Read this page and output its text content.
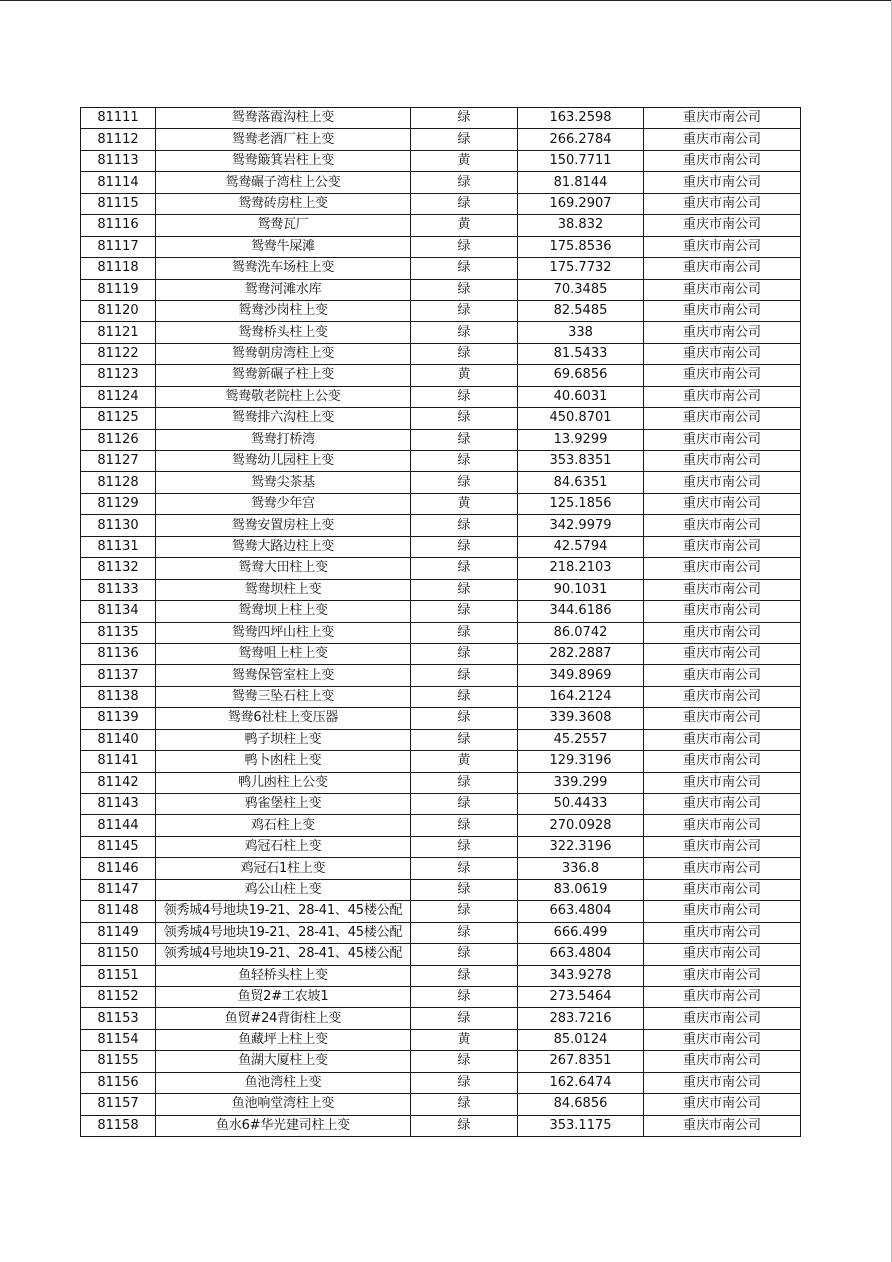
81111	鸳鸯落霞沟柱上变	绿	163.2598	重庆市南公司
81112	鸳鸯老酒厂柱上变	绿	266.2784	重庆市南公司
81113	鸳鸯簸箕岩柱上变	黄	150.7711	重庆市南公司
81114	鸳鸯碾子湾柱上公变	绿	81.8144	重庆市南公司
81115	鸳鸯砖房柱上变	绿	169.2907	重庆市南公司
81116	鸳鸯瓦厂	黄	38.832	重庆市南公司
81117	鸳鸯牛屎滩	绿	175.8536	重庆市南公司
81118	鸳鸯洗车场柱上变	绿	175.7732	重庆市南公司
81119	鸳鸯河滩水库	绿	70.3485	重庆市南公司
81120	鸳鸯沙岗柱上变	绿	82.5485	重庆市南公司
81121	鸳鸯桥头柱上变	绿	338	重庆市南公司
81122	鸳鸯朝房湾柱上变	绿	81.5433	重庆市南公司
81123	鸳鸯新碾子柱上变	黄	69.6856	重庆市南公司
81124	鸳鸯敬老院柱上公变	绿	40.6031	重庆市南公司
81125	鸳鸯排六沟柱上变	绿	450.8701	重庆市南公司
81126	鸳鸯打桥湾	绿	13.9299	重庆市南公司
81127	鸳鸯幼儿园柱上变	绿	353.8351	重庆市南公司
81128	鸳鸯尖茶基	绿	84.6351	重庆市南公司
81129	鸳鸯少年宫	黄	125.1856	重庆市南公司
81130	鸳鸯安置房柱上变	绿	342.9979	重庆市南公司
81131	鸳鸯大路边柱上变	绿	42.5794	重庆市南公司
81132	鸳鸯大田柱上变	绿	218.2103	重庆市南公司
81133	鸳鸯坝柱上变	绿	90.1031	重庆市南公司
81134	鸳鸯坝上柱上变	绿	344.6186	重庆市南公司
81135	鸳鸯四坪山柱上变	绿	86.0742	重庆市南公司
81136	鸳鸯咀上柱上变	绿	282.2887	重庆市南公司
81137	鸳鸯保管室柱上变	绿	349.8969	重庆市南公司
81138	鸳鸯三坠石柱上变	绿	164.2124	重庆市南公司
81139	鸳鸯6社柱上变压器	绿	339.3608	重庆市南公司
81140	鸭子坝柱上变	绿	45.2557	重庆市南公司
81141	鸭卜凼柱上变	黄	129.3196	重庆市南公司
81142	鸭儿凼柱上公变	绿	339.299	重庆市南公司
81143	鸦雀堡柱上变	绿	50.4433	重庆市南公司
81144	鸡石柱上变	绿	270.0928	重庆市南公司
81145	鸡冠石柱上变	绿	322.3196	重庆市南公司
81146	鸡冠石1柱上变	绿	336.8	重庆市南公司
81147	鸡公山柱上变	绿	83.0619	重庆市南公司
81148	领秀城4号地块19-21、28-41、45楼公配	绿	663.4804	重庆市南公司
81149	领秀城4号地块19-21、28-41、45楼公配	绿	666.499	重庆市南公司
81150	领秀城4号地块19-21、28-41、45楼公配	绿	663.4804	重庆市南公司
81151	鱼轻桥头柱上变	绿	343.9278	重庆市南公司
81152	鱼贸2#工农坡1	绿	273.5464	重庆市南公司
81153	鱼贸#24背街柱上变	绿	283.7216	重庆市南公司
81154	鱼藏坪上柱上变	黄	85.0124	重庆市南公司
81155	鱼湖大厦柱上变	绿	267.8351	重庆市南公司
81156	鱼池湾柱上变	绿	162.6474	重庆市南公司
81157	鱼池响堂湾柱上变	绿	84.6856	重庆市南公司
81158	鱼水6#华光建司柱上变	绿	353.1175	重庆市南公司
